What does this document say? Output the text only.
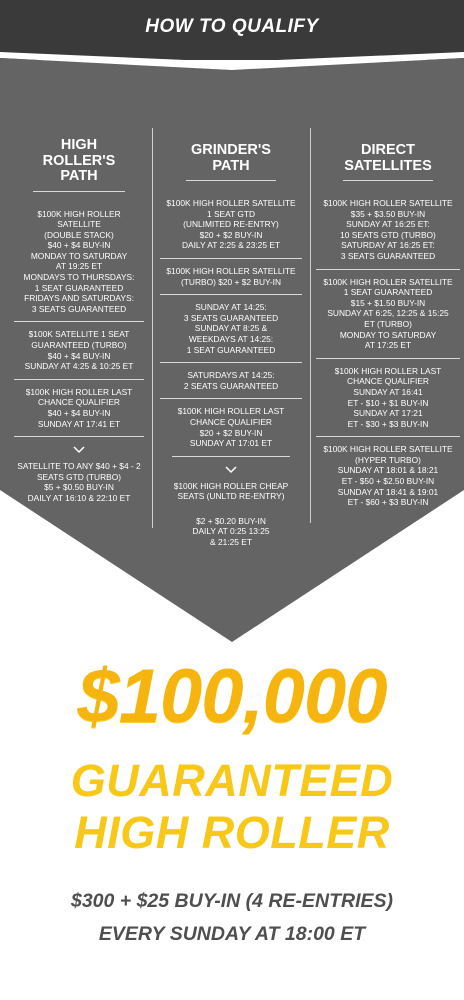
HOW TO QUALIFY
HIGH
ROLLER'S
PATH
$100K HIGH ROLLER
SATELLITE
(DOUBLE STACK)
$40 + $4 BUY-IN
MONDAY TO SATURDAY
AT 19:25 ET
MONDAYS TO THURSDAYS:
1 SEAT GUARANTEED
FRIDAYS AND SATURDAYS:
3 SEATS GUARANTEED
$100K SATELLITE 1 SEAT
GUARANTEED (TURBO)
$40 + $4 BUY-IN
SUNDAY AT 4:25 & 10:25 ET
$100K HIGH ROLLER LAST
CHANCE QUALIFIER
$40 + $4 BUY-IN
SUNDAY AT 17:41 ET
SATELLITE TO ANY $40 + $4 - 2
SEATS GTD (TURBO)
$5 + $0.50 BUY-IN
DAILY AT 16:10 & 22:10 ET
GRINDER'S
PATH
$100K HIGH ROLLER SATELLITE
1 SEAT GTD
(UNLIMITED RE-ENTRY)
$20 + $2 BUY-IN
DAILY AT 2:25 & 23:25 ET
$100K HIGH ROLLER SATELLITE
(TURBO) $20 + $2 BUY-IN
SUNDAY AT 14:25:
3 SEATS GUARANTEED
SUNDAY AT 8:25 &
WEEKDAYS AT 14:25:
1 SEAT GUARANTEED
SATURDAYS AT 14:25:
2 SEATS GUARANTEED
$100K HIGH ROLLER LAST
CHANCE QUALIFIER
$20 + $2 BUY-IN
SUNDAY AT 17:01 ET
$100K HIGH ROLLER CHEAP
SEATS (UNLTD RE-ENTRY)
$2 + $0.20 BUY-IN
DAILY AT 0:25 13:25
& 21:25 ET
DIRECT
SATELLITES
$100K HIGH ROLLER SATELLITE
$35 + $3.50 BUY-IN
SUNDAY AT 16:25 ET:
10 SEATS GTD (TURBO)
SATURDAY AT 16:25 ET:
3 SEATS GUARANTEED
$100K HIGH ROLLER SATELLITE
1 SEAT GUARANTEED
$15 + $1.50 BUY-IN
SUNDAY AT 6:25, 12:25 & 15:25
ET (TURBO)
MONDAY TO SATURDAY
AT 17:25 ET
$100K HIGH ROLLER LAST
CHANCE QUALIFIER
SUNDAY AT 16:41
ET - $10 + $1 BUY-IN
SUNDAY AT 17:21
ET - $30 + $3 BUY-IN
$100K HIGH ROLLER SATELLITE
(HYPER TURBO)
SUNDAY AT 18:01 & 18:21
ET - $50 + $2.50 BUY-IN
SUNDAY AT 18:41 & 19:01
ET - $60 + $3 BUY-IN
$100,000
GUARANTEED
HIGH ROLLER
$300 + $25 BUY-IN (4 RE-ENTRIES)
EVERY SUNDAY AT 18:00 ET
